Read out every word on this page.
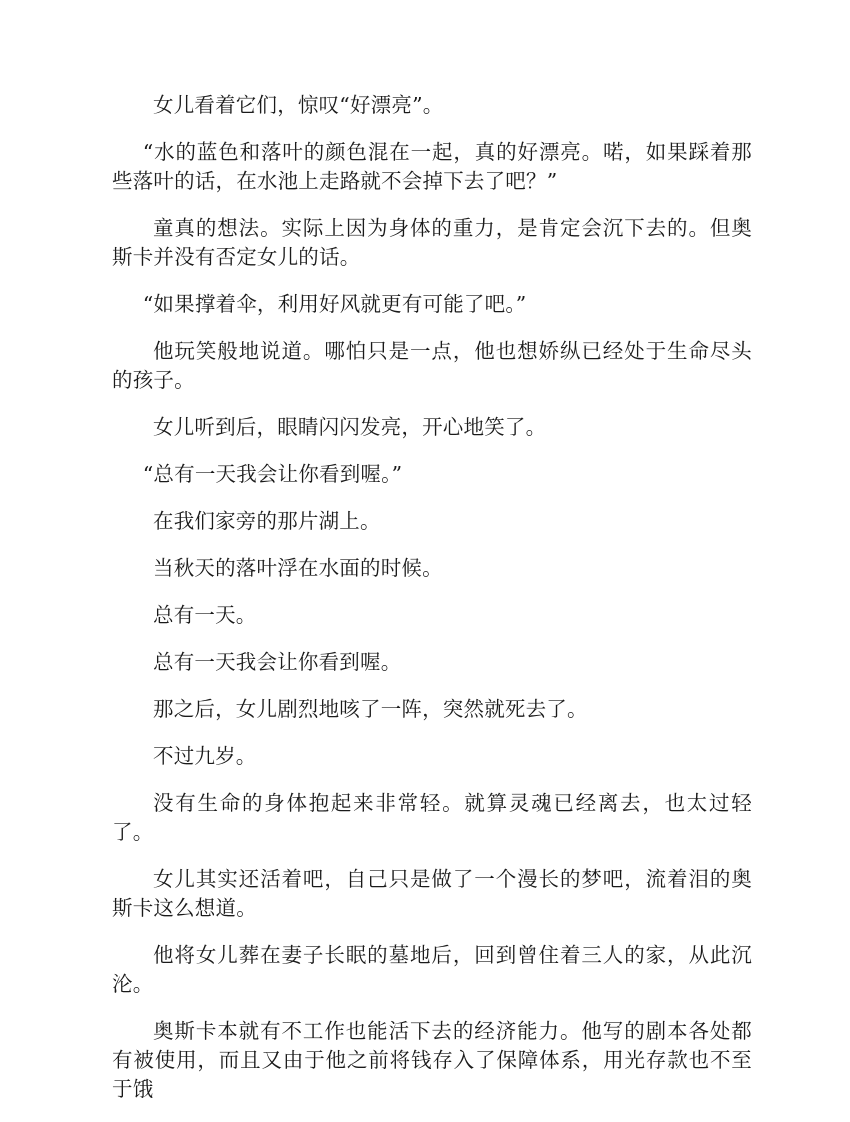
女儿看着它们，惊叹“好漂亮”。

“水的蓝色和落叶的颜色混在一起，真的好漂亮。喏，如果踩着那些落叶的话，在水池上走路就不会掉下去了吧？”

童真的想法。实际上因为身体的重力，是肯定会沉下去的。但奥斯卡并没有否定女儿的话。

“如果撑着伞，利用好风就更有可能了吧。”

他玩笑般地说道。哪怕只是一点，他也想娇纵已经处于生命尽头的孩子。

女儿听到后，眼睛闪闪发亮，开心地笑了。

“总有一天我会让你看到喔。”

在我们家旁的那片湖上。

当秋天的落叶浮在水面的时候。

总有一天。

总有一天我会让你看到喔。

那之后，女儿剧烈地咳了一阵，突然就死去了。

不过九岁。

没有生命的身体抱起来非常轻。就算灵魂已经离去，也太过轻了。

女儿其实还活着吧，自己只是做了一个漫长的梦吧，流着泪的奥斯卡这么想道。

他将女儿葬在妻子长眠的墓地后，回到曾住着三人的家，从此沉沦。

奥斯卡本就有不工作也能活下去的经济能力。他写的剧本各处都有被使用，而且又由于他之前将钱存入了保障体系，用光存款也不至于饿
